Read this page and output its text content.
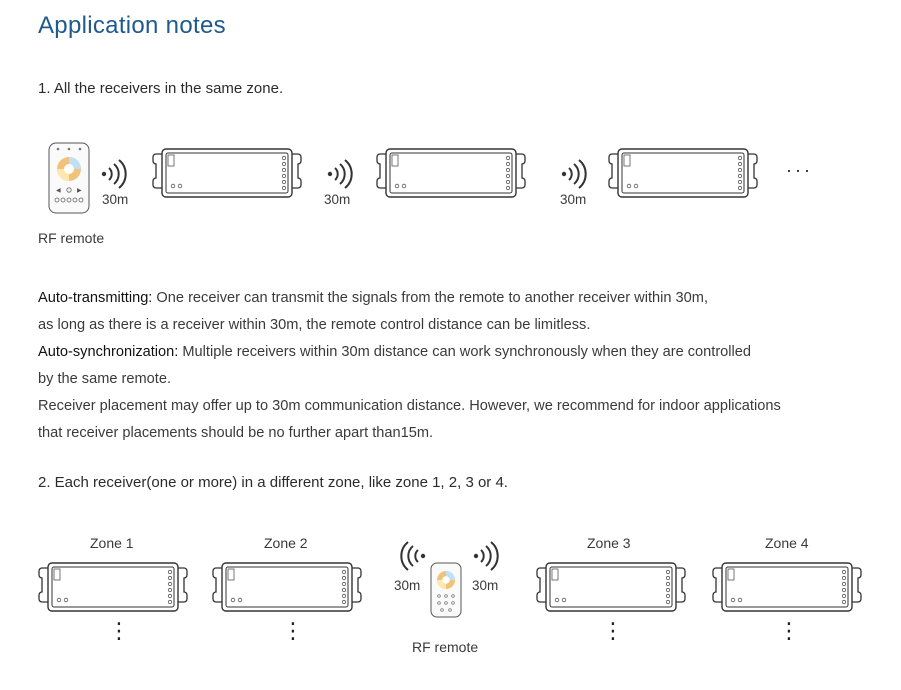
Application notes
1. All the receivers in the same zone.
◀	▶
30m	30m	30m
···
RF remote
Auto-transmitting: One receiver can transmit the signals from the remote to another receiver within 30m,
as long as there is a receiver within 30m, the remote control distance can be limitless.
Auto-synchronization: Multiple receivers within 30m distance can work synchronously when they are controlled
by the same remote.
Receiver placement may offer up to 30m communication distance. However, we recommend for indoor applications
that receiver placements should be no further apart than15m.
2. Each receiver(one or more) in a different zone, like zone 1, 2, 3 or 4.
Zone 1	Zone 2	Zone 3	Zone 4
⋮	⋮
30m	30m
RF remote
⋮	⋮
